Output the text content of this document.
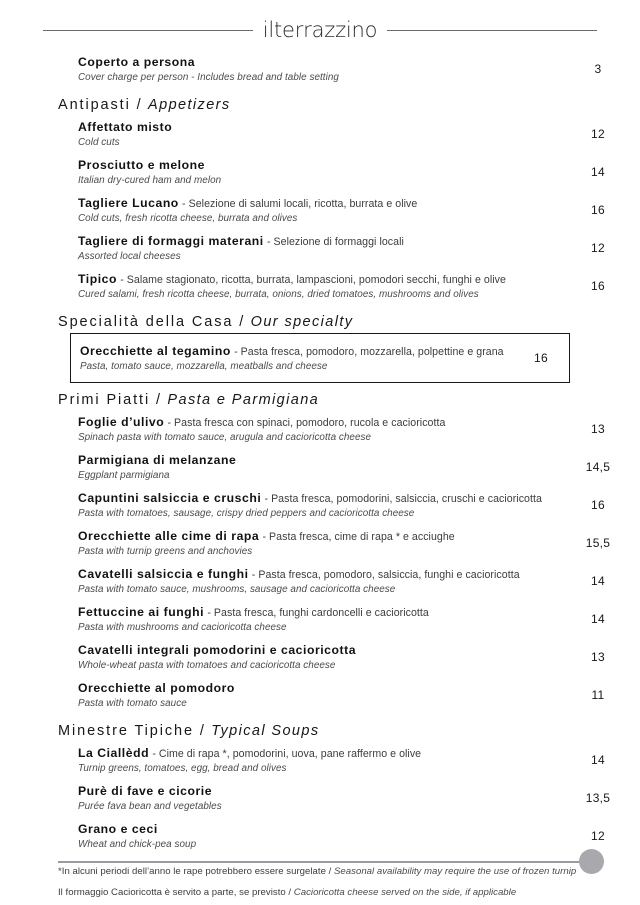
ilterrazzino
Coperto a persona
Cover charge per person - Includes bread and table setting
3
Antipasti / Appetizers
Affettato misto
Cold cuts
12
Prosciutto e melone
Italian dry-cured ham and melon
14
Tagliere Lucano - Selezione di salumi locali, ricotta, burrata e olive
Cold cuts, fresh ricotta cheese, burrata and olives
16
Tagliere di formaggi materani - Selezione di formaggi locali
Assorted local cheeses
12
Tipico - Salame stagionato, ricotta, burrata, lampascioni, pomodori secchi, funghi e olive
Cured salami, fresh ricotta cheese, burrata, onions, dried tomatoes, mushrooms and olives
16
Specialità della Casa / Our specialty
Orecchiette al tegamino - Pasta fresca, pomodoro, mozzarella, polpettine e grana
Pasta, tomato sauce, mozzarella, meatballs and cheese
16
Primi Piatti / Pasta e Parmigiana
Foglie d’ulivo - Pasta fresca con spinaci, pomodoro, rucola e cacioricotta
Spinach pasta with tomato sauce, arugula and cacioricotta cheese
13
Parmigiana di melanzane
Eggplant parmigiana
14,5
Capuntini salsiccia e cruschi - Pasta fresca, pomodorini, salsiccia, cruschi e cacioricotta
Pasta with tomatoes, sausage, crispy dried peppers and cacioricotta cheese
16
Orecchiette alle cime di rapa - Pasta fresca, cime di rapa * e acciughe
Pasta with turnip greens and anchovies
15,5
Cavatelli salsiccia e funghi - Pasta fresca, pomodoro, salsiccia, funghi e cacioricotta
Pasta with tomato sauce, mushrooms, sausage and cacioricotta cheese
14
Fettuccine ai funghi - Pasta fresca, funghi cardoncelli e cacioricotta
Pasta with mushrooms and cacioricotta cheese
14
Cavatelli integrali pomodorini e cacioricotta
Whole-wheat pasta with tomatoes and cacioricotta cheese
13
Orecchiette al pomodoro
Pasta with tomato sauce
11
Minestre Tipiche / Typical Soups
La Ciallèdd - Cime di rapa *, pomodorini, uova, pane raffermo e olive
Turnip greens, tomatoes, egg, bread and olives
14
Purè di fave e cicorie
Purée fava bean and vegetables
13,5
Grano e ceci
Wheat and chick-pea soup
12
*In alcuni periodi dell’anno le rape potrebbero essere surgelate / Seasonal availability may require the use of frozen turnip
Il formaggio Cacioricotta è servito a parte, se previsto / Cacioricotta cheese served on the side, if applicable
